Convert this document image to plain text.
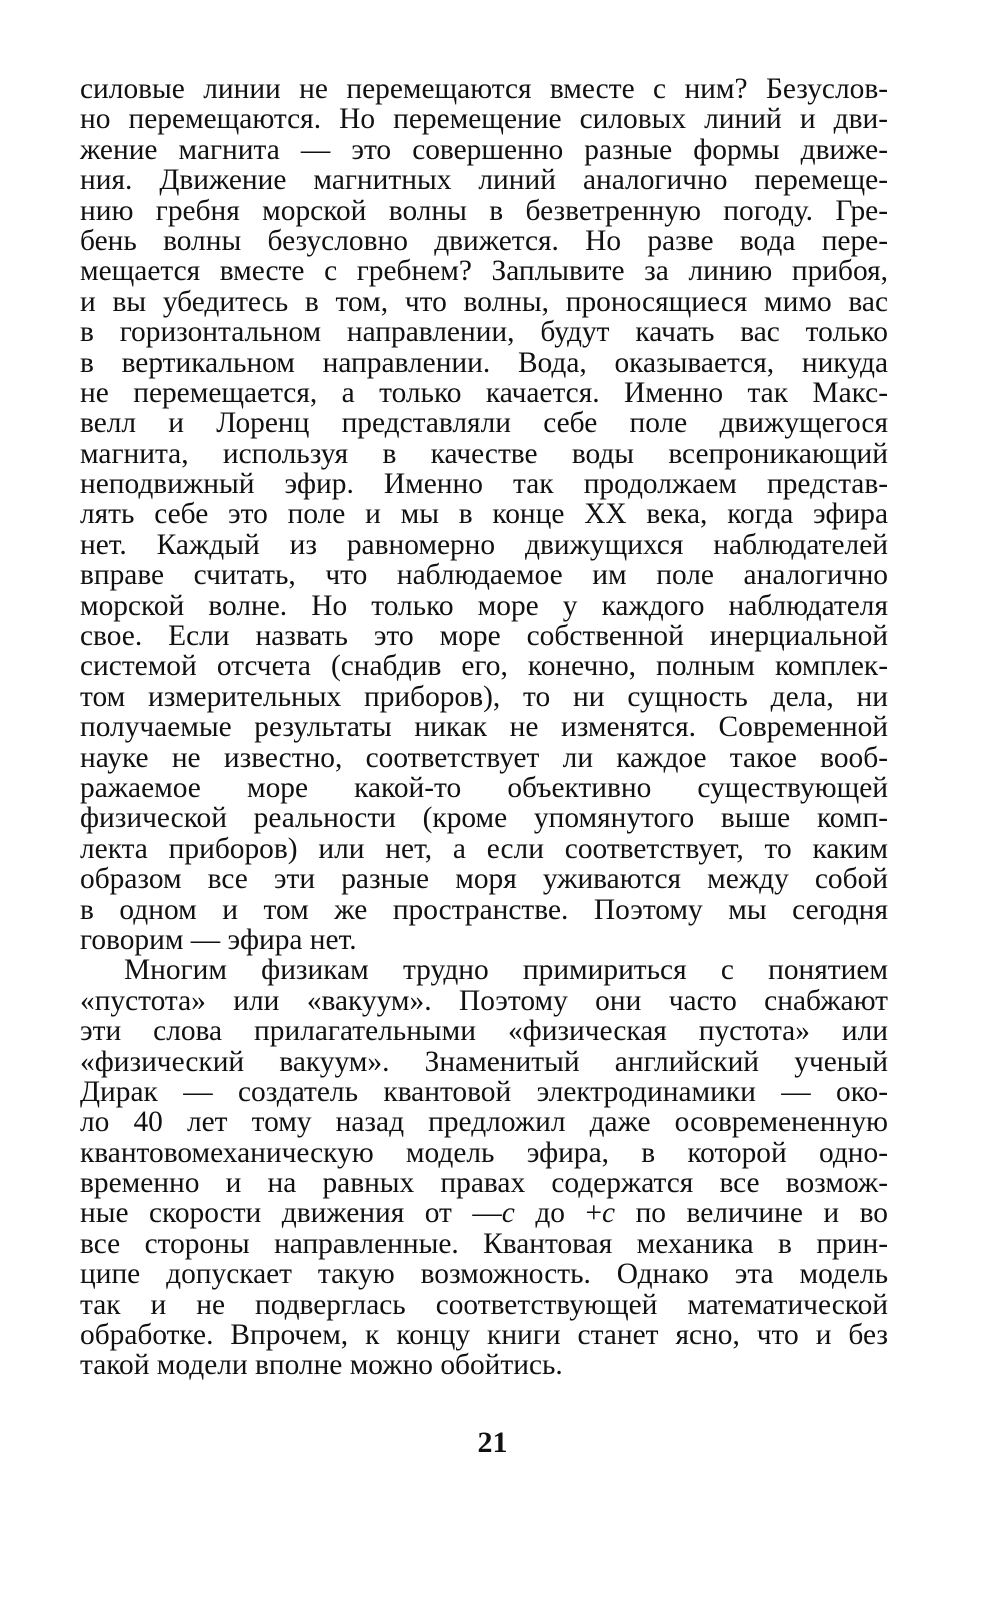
силовые линии не перемещаются вместе с ним? Безуслов-
но перемещаются. Но перемещение силовых линий и дви-
жение магнита — это совершенно разные формы движе-
ния. Движение магнитных линий аналогично перемеще-
нию гребня морской волны в безветренную погоду. Гре-
бень волны безусловно движется. Но разве вода пере-
мещается вместе с гребнем? Заплывите за линию прибоя,
и вы убедитесь в том, что волны, проносящиеся мимо вас
в горизонтальном направлении, будут качать вас только
в вертикальном направлении. Вода, оказывается, никуда
не перемещается, а только качается. Именно так Макс-
велл и Лоренц представляли себе поле движущегося
магнита, используя в качестве воды всепроникающий
неподвижный эфир. Именно так продолжаем представ-
лять себе это поле и мы в конце XX века, когда эфира
нет. Каждый из равномерно движущихся наблюдателей
вправе считать, что наблюдаемое им поле аналогично
морской волне. Но только море у каждого наблюдателя
свое. Если назвать это море собственной инерциальной
системой отсчета (снабдив его, конечно, полным комплек-
том измерительных приборов), то ни сущность дела, ни
получаемые результаты никак не изменятся. Современной
науке не известно, соответствует ли каждое такое вооб-
ражаемое море какой-то объективно существующей
физической реальности (кроме упомянутого выше комп-
лекта приборов) или нет, а если соответствует, то каким
образом все эти разные моря уживаются между собой
в одном и том же пространстве. Поэтому мы сегодня
говорим — эфира нет.
Многим физикам трудно примириться с понятием
«пустота» или «вакуум». Поэтому они часто снабжают
эти слова прилагательными «физическая пустота» или
«физический вакуум». Знаменитый английский ученый
Дирак — создатель квантовой электродинамики — око-
ло 40 лет тому назад предложил даже осовремененную
квантовомеханическую модель эфира, в которой одно-
временно и на равных правах содержатся все возмож-
ные скорости движения от —c до +c по величине и во
все стороны направленные. Квантовая механика в прин-
ципе допускает такую возможность. Однако эта модель
так и не подверглась соответствующей математической
обработке. Впрочем, к концу книги станет ясно, что и без
такой модели вполне можно обойтись.
21
